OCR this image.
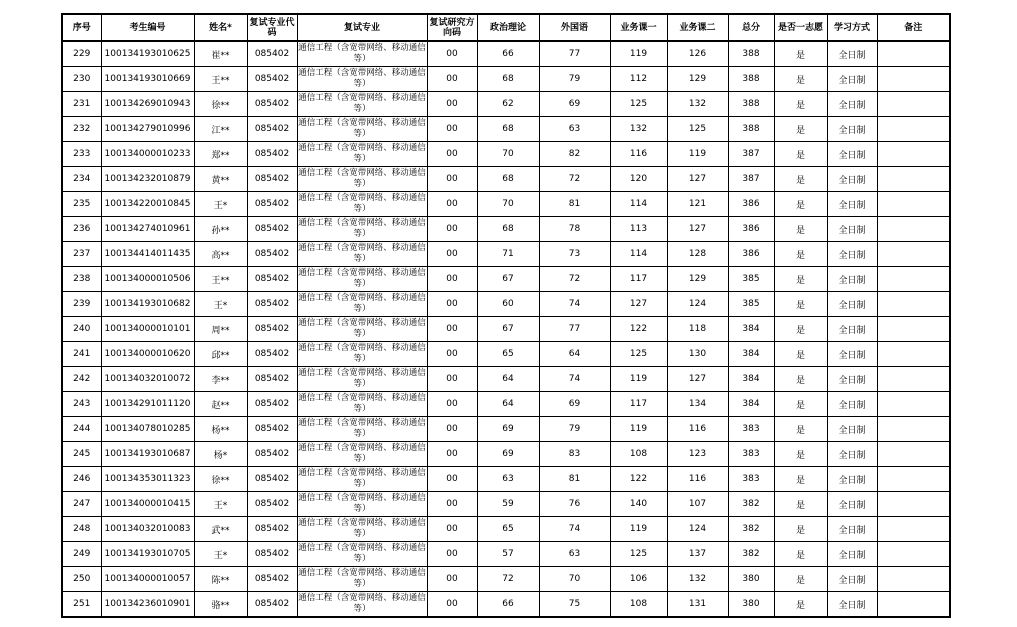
序号	考生编号	姓名*	复试专业代码	复试专业	复试研究方向码	政治理论	外国语	业务课一	业务课二	总分	是否一志愿	学习方式	备注
229	100134193010625	崔**	085402	通信工程（含宽带网络、移动通信等）	00	66	77	119	126	388	是	全日制	
230	100134193010669	王**	085402	通信工程（含宽带网络、移动通信等）	00	68	79	112	129	388	是	全日制	
231	100134269010943	徐**	085402	通信工程（含宽带网络、移动通信等）	00	62	69	125	132	388	是	全日制	
232	100134279010996	江**	085402	通信工程（含宽带网络、移动通信等）	00	68	63	132	125	388	是	全日制	
233	100134000010233	郑**	085402	通信工程（含宽带网络、移动通信等）	00	70	82	116	119	387	是	全日制	
234	100134232010879	黄**	085402	通信工程（含宽带网络、移动通信等）	00	68	72	120	127	387	是	全日制	
235	100134220010845	王*	085402	通信工程（含宽带网络、移动通信等）	00	70	81	114	121	386	是	全日制	
236	100134274010961	孙**	085402	通信工程（含宽带网络、移动通信等）	00	68	78	113	127	386	是	全日制	
237	100134414011435	高**	085402	通信工程（含宽带网络、移动通信等）	00	71	73	114	128	386	是	全日制	
238	100134000010506	王**	085402	通信工程（含宽带网络、移动通信等）	00	67	72	117	129	385	是	全日制	
239	100134193010682	王*	085402	通信工程（含宽带网络、移动通信等）	00	60	74	127	124	385	是	全日制	
240	100134000010101	周**	085402	通信工程（含宽带网络、移动通信等）	00	67	77	122	118	384	是	全日制	
241	100134000010620	邱**	085402	通信工程（含宽带网络、移动通信等）	00	65	64	125	130	384	是	全日制	
242	100134032010072	李**	085402	通信工程（含宽带网络、移动通信等）	00	64	74	119	127	384	是	全日制	
243	100134291011120	赵**	085402	通信工程（含宽带网络、移动通信等）	00	64	69	117	134	384	是	全日制	
244	100134078010285	杨**	085402	通信工程（含宽带网络、移动通信等）	00	69	79	119	116	383	是	全日制	
245	100134193010687	杨*	085402	通信工程（含宽带网络、移动通信等）	00	69	83	108	123	383	是	全日制	
246	100134353011323	徐**	085402	通信工程（含宽带网络、移动通信等）	00	63	81	122	116	383	是	全日制	
247	100134000010415	王*	085402	通信工程（含宽带网络、移动通信等）	00	59	76	140	107	382	是	全日制	
248	100134032010083	武**	085402	通信工程（含宽带网络、移动通信等）	00	65	74	119	124	382	是	全日制	
249	100134193010705	王*	085402	通信工程（含宽带网络、移动通信等）	00	57	63	125	137	382	是	全日制	
250	100134000010057	陈**	085402	通信工程（含宽带网络、移动通信等）	00	72	70	106	132	380	是	全日制	
251	100134236010901	骆**	085402	通信工程（含宽带网络、移动通信等）	00	66	75	108	131	380	是	全日制	
